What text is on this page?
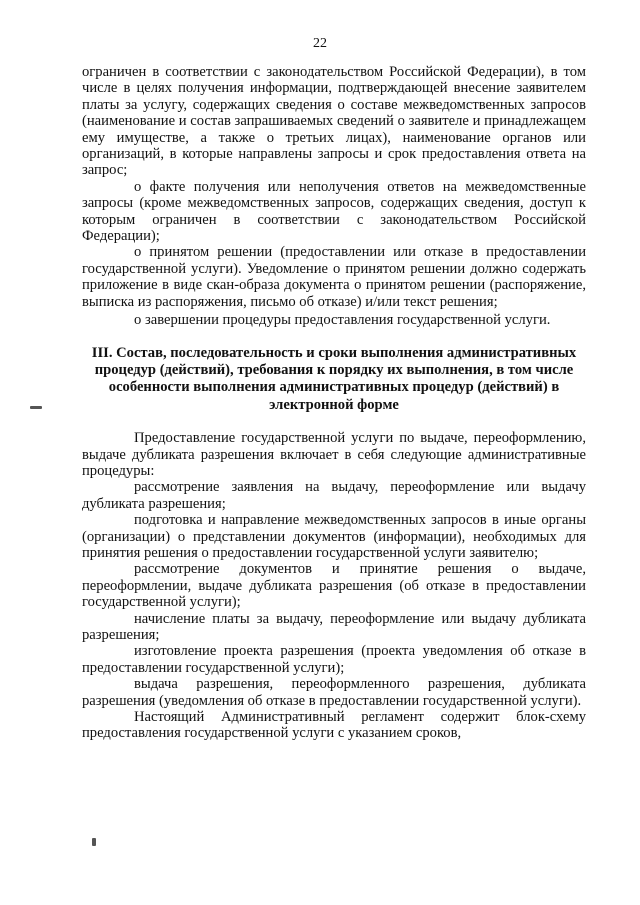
22

ограничен в соответствии с законодательством Российской Федерации), в том числе в целях получения информации, подтверждающей внесение заявителем платы за услугу, содержащих сведения о составе межведомственных запросов (наименование и состав запрашиваемых сведений о заявителе и принадлежащем ему имуществе, а также о третьих лицах), наименование органов или организаций, в которые направлены запросы и срок предоставления ответа на запрос;

о факте получения или неполучения ответов на межведомственные запросы (кроме межведомственных запросов, содержащих сведения, доступ к которым ограничен в соответствии с законодательством Российской Федерации);

о принятом решении (предоставлении или отказе в предоставлении государственной услуги). Уведомление о принятом решении должно содержать приложение в виде скан-образа документа о принятом решении (распоряжение, выписка из распоряжения, письмо об отказе) и/или текст решения;

о завершении процедуры предоставления государственной услуги.

III. Состав, последовательность и сроки выполнения административных процедур (действий), требования к порядку их выполнения, в том числе особенности выполнения административных процедур (действий) в электронной форме

Предоставление государственной услуги по выдаче, переоформлению, выдаче дубликата разрешения включает в себя следующие административные процедуры:

рассмотрение заявления на выдачу, переоформление или выдачу дубликата разрешения;

подготовка и направление межведомственных запросов в иные органы (организации) о представлении документов (информации), необходимых для принятия решения о предоставлении государственной услуги заявителю;

рассмотрение документов и принятие решения о выдаче, переоформлении, выдаче дубликата разрешения (об отказе в предоставлении государственной услуги);

начисление платы за выдачу, переоформление или выдачу дубликата разрешения;

изготовление проекта разрешения (проекта уведомления об отказе в предоставлении государственной услуги);

выдача разрешения, переоформленного разрешения, дубликата разрешения (уведомления об отказе в предоставлении государственной услуги).

Настоящий Административный регламент содержит блок-схему предоставления государственной услуги с указанием сроков,
